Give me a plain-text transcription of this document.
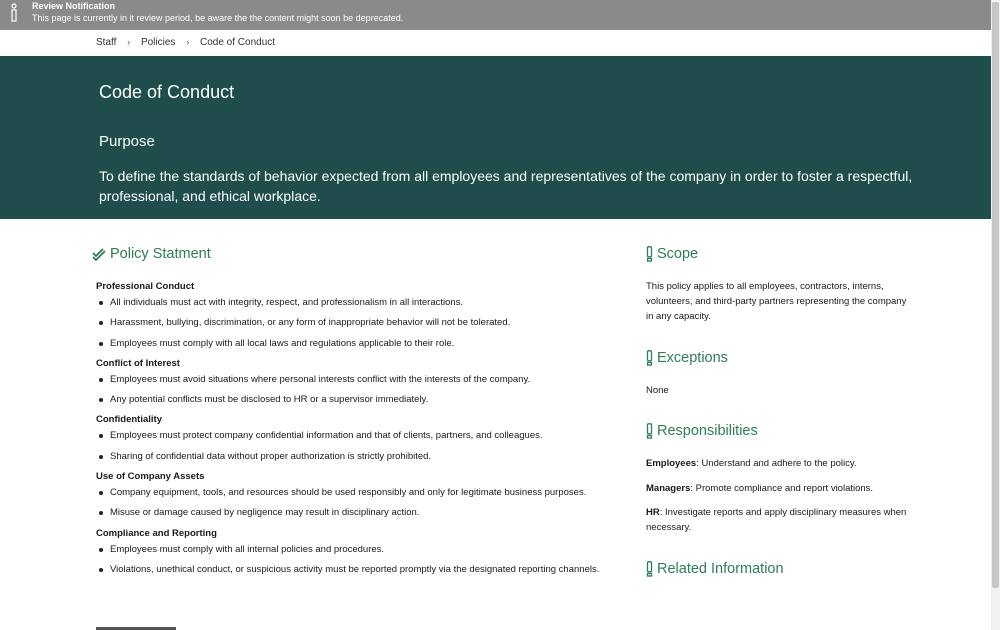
Review Notification
This page is currently in it review period, be aware the the content might soon be deprecated.
Staff › Policies › Code of Conduct
Code of Conduct
Purpose
To define the standards of behavior expected from all employees and representatives of the company in order to foster a respectful, professional, and ethical workplace.
Policy Statment
Professional Conduct
All individuals must act with integrity, respect, and professionalism in all interactions.
Harassment, bullying, discrimination, or any form of inappropriate behavior will not be tolerated.
Employees must comply with all local laws and regulations applicable to their role.
Conflict of Interest
Employees must avoid situations where personal interests conflict with the interests of the company.
Any potential conflicts must be disclosed to HR or a supervisor immediately.
Confidentiality
Employees must protect company confidential information and that of clients, partners, and colleagues.
Sharing of confidential data without proper authorization is strictly prohibited.
Use of Company Assets
Company equipment, tools, and resources should be used responsibly and only for legitimate business purposes.
Misuse or damage caused by negligence may result in disciplinary action.
Compliance and Reporting
Employees must comply with all internal policies and procedures.
Violations, unethical conduct, or suspicious activity must be reported promptly via the designated reporting channels.
Scope
This policy applies to all employees, contractors, interns, volunteers, and third-party partners representing the company in any capacity.
Exceptions
None
Responsibilities
Employees: Understand and adhere to the policy.
Managers: Promote compliance and report violations.
HR: Investigate reports and apply disciplinary measures when necessary.
Related Information
